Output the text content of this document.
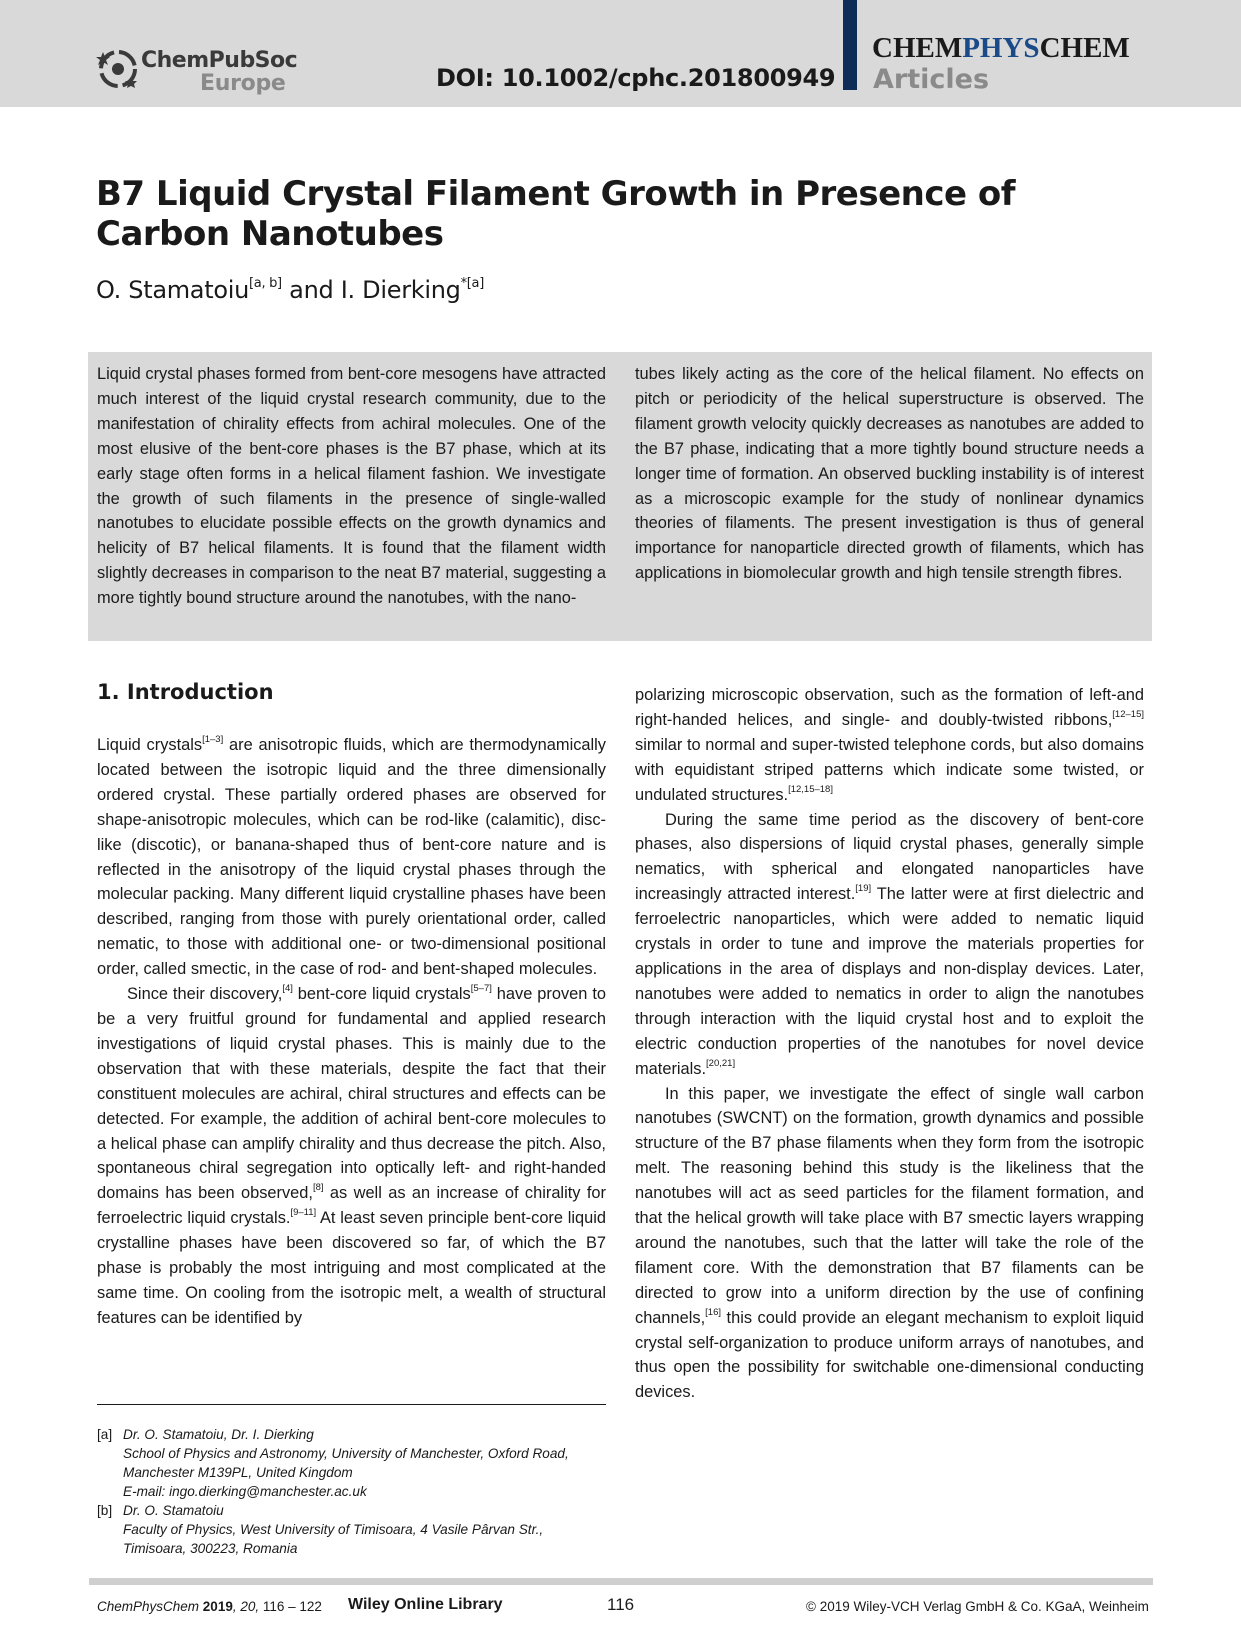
ChemPubSoc
Europe	DOI: 10.1002/cphc.201800949
CHEMPHYSCHEM
Articles
B7 Liquid Crystal Filament Growth in Presence of Carbon Nanotubes
O. Stamatoiu[a, b] and I. Dierking$^{*[a]}$
Liquid crystal phases formed from bent-core mesogens have attracted much interest of the liquid crystal research community, due to the manifestation of chirality effects from achiral molecules. One of the most elusive of the bent-core phases is the B7 phase, which at its early stage often forms in a helical filament fashion. We investigate the growth of such filaments in the presence of single-walled nanotubes to elucidate possible effects on the growth dynamics and helicity of B7 helical filaments. It is found that the filament width slightly decreases in comparison to the neat B7 material, suggesting a more tightly bound structure around the nanotubes, with the nano-
tubes likely acting as the core of the helical filament. No effects on pitch or periodicity of the helical superstructure is observed. The filament growth velocity quickly decreases as nanotubes are added to the B7 phase, indicating that a more tightly bound structure needs a longer time of formation. An observed buckling instability is of interest as a microscopic example for the study of nonlinear dynamics theories of filaments. The present investigation is thus of general importance for nanoparticle directed growth of filaments, which has applications in biomolecular growth and high tensile strength fibres.
1. Introduction

Liquid crystals[1–3] are anisotropic fluids, which are thermodynamically located between the isotropic liquid and the three dimensionally ordered crystal. These partially ordered phases are observed for shape-anisotropic molecules, which can be rod-like (calamitic), disc-like (discotic), or banana-shaped thus of bent-core nature and is reflected in the anisotropy of the liquid crystal phases through the molecular packing. Many different liquid crystalline phases have been described, ranging from those with purely orientational order, called nematic, to those with additional one- or two-dimensional positional order, called smectic, in the case of rod- and bent-shaped molecules.

Since their discovery,[4] bent-core liquid crystals[5–7] have proven to be a very fruitful ground for fundamental and applied research investigations of liquid crystal phases. This is mainly due to the observation that with these materials, despite the fact that their constituent molecules are achiral, chiral structures and effects can be detected. For example, the addition of achiral bent-core molecules to a helical phase can amplify chirality and thus decrease the pitch. Also, spontaneous chiral segregation into optically left- and right-handed domains has been observed,[8] as well as an increase of chirality for ferroelectric liquid crystals.[9–11] At least seven principle bent-core liquid crystalline phases have been discovered so far, of which the B7 phase is probably the most intriguing and most complicated at the same time. On cooling from the isotropic melt, a wealth of structural features can be identified by

polarizing microscopic observation, such as the formation of left-and right-handed helices, and single- and doubly-twisted ribbons,[12–15] similar to normal and super-twisted telephone cords, but also domains with equidistant striped patterns which indicate some twisted, or undulated structures.[12,15–18]

During the same time period as the discovery of bent-core phases, also dispersions of liquid crystal phases, generally simple nematics, with spherical and elongated nanoparticles have increasingly attracted interest.[19] The latter were at first dielectric and ferroelectric nanoparticles, which were added to nematic liquid crystals in order to tune and improve the materials properties for applications in the area of displays and non-display devices. Later, nanotubes were added to nematics in order to align the nanotubes through interaction with the liquid crystal host and to exploit the electric conduction properties of the nanotubes for novel device materials.[20,21]

In this paper, we investigate the effect of single wall carbon nanotubes (SWCNT) on the formation, growth dynamics and possible structure of the B7 phase filaments when they form from the isotropic melt. The reasoning behind this study is the likeliness that the nanotubes will act as seed particles for the filament formation, and that the helical growth will take place with B7 smectic layers wrapping around the nanotubes, such that the latter will take the role of the filament core. With the demonstration that B7 filaments can be directed to grow into a uniform direction by the use of confining channels,[16] this could provide an elegant mechanism to exploit liquid crystal self-organization to produce uniform arrays of nanotubes, and thus open the possibility for switchable one-dimensional conducting devices.

[a] Dr. O. Stamatoiu, Dr. I. Dierking
School of Physics and Astronomy, University of Manchester, Oxford Road, Manchester M139PL, United Kingdom
E-mail: ingo.dierking@manchester.ac.uk
[b] Dr. O. Stamatoiu
Faculty of Physics, West University of Timisoara, 4 Vasile Pârvan Str., Timisoara, 300223, Romania
ChemPhysChem 2019, 20, 116 – 122 Wiley Online Library	116	© 2019 Wiley-VCH Verlag GmbH & Co. KGaA, Weinheim
